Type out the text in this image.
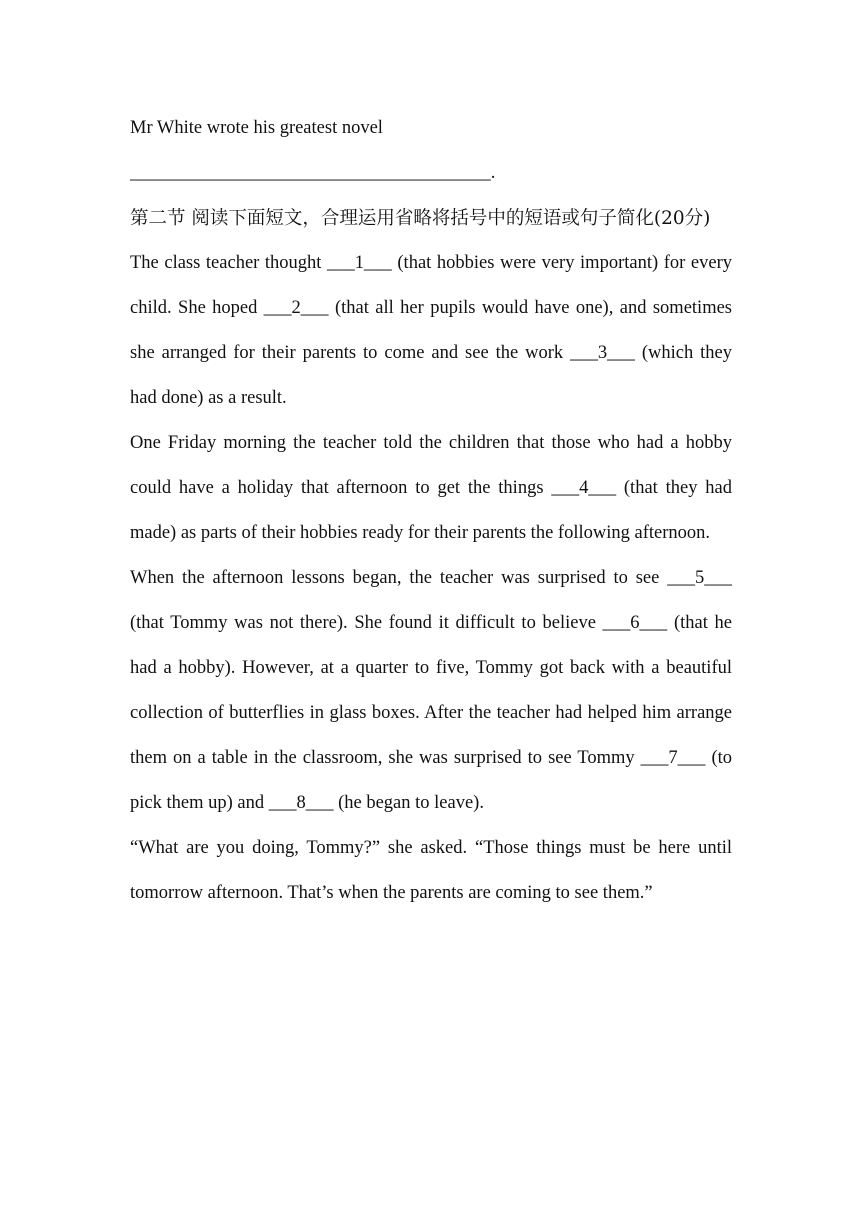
Mr White wrote his greatest novel

_______________________________________.

第二节 阅读下面短文，合理运用省略将括号中的短语或句子简化(20分)

The class teacher thought ___1___ (that hobbies were very important) for every child. She hoped ___2___ (that all her pupils would have one), and sometimes she arranged for their parents to come and see the work ___3___ (which they had done) as a result.

One Friday morning the teacher told the children that those who had a hobby could have a holiday that afternoon to get the things ___4___ (that they had made) as parts of their hobbies ready for their parents the following afternoon.

When the afternoon lessons began, the teacher was surprised to see ___5___ (that Tommy was not there). She found it difficult to believe ___6___ (that he had a hobby). However, at a quarter to five, Tommy got back with a beautiful collection of butterflies in glass boxes. After the teacher had helped him arrange them on a table in the classroom, she was surprised to see Tommy ___7___ (to pick them up) and ___8___ (he began to leave).

“What are you doing, Tommy?” she asked. “Those things must be here until tomorrow afternoon. That’s when the parents are coming to see them.”
